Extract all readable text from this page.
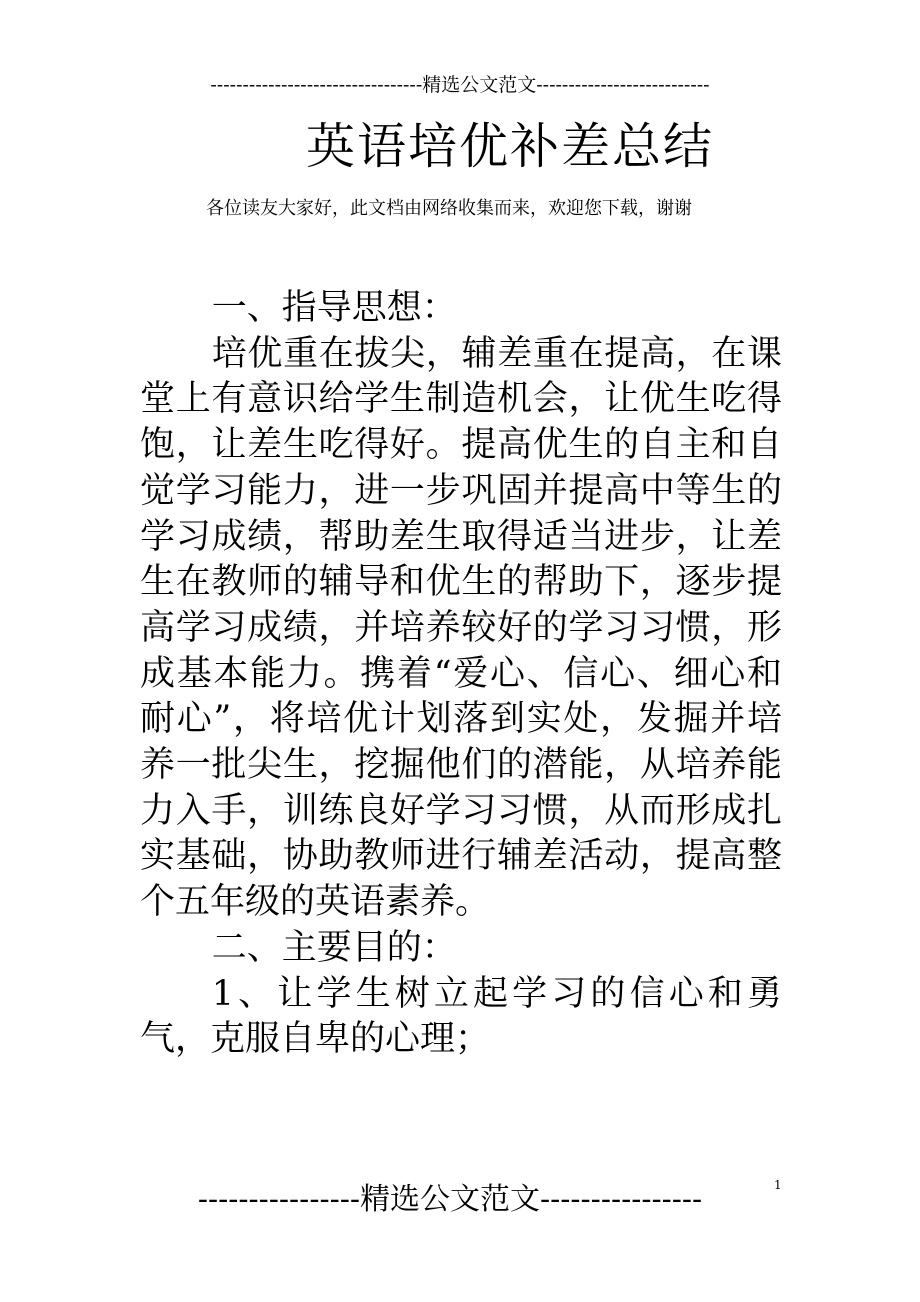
---------------------------------精选公文范文---------------------------
英语培优补差总结
各位读友大家好，此文档由网络收集而来，欢迎您下载，谢谢

一、指导思想：

培优重在拔尖，辅差重在提高，在课堂上有意识给学生制造机会，让优生吃得饱，让差生吃得好。提高优生的自主和自觉学习能力，进一步巩固并提高中等生的学习成绩，帮助差生取得适当进步，让差生在教师的辅导和优生的帮助下，逐步提高学习成绩，并培养较好的学习习惯，形成基本能力。携着“爱心、信心、细心和耐心”，将培优计划落到实处，发掘并培养一批尖生，挖掘他们的潜能，从培养能力入手，训练良好学习习惯，从而形成扎实基础，协助教师进行辅差活动，提高整个五年级的英语素养。

二、主要目的：

1、让学生树立起学习的信心和勇气，克服自卑的心理；

1
----------------精选公文范文----------------
